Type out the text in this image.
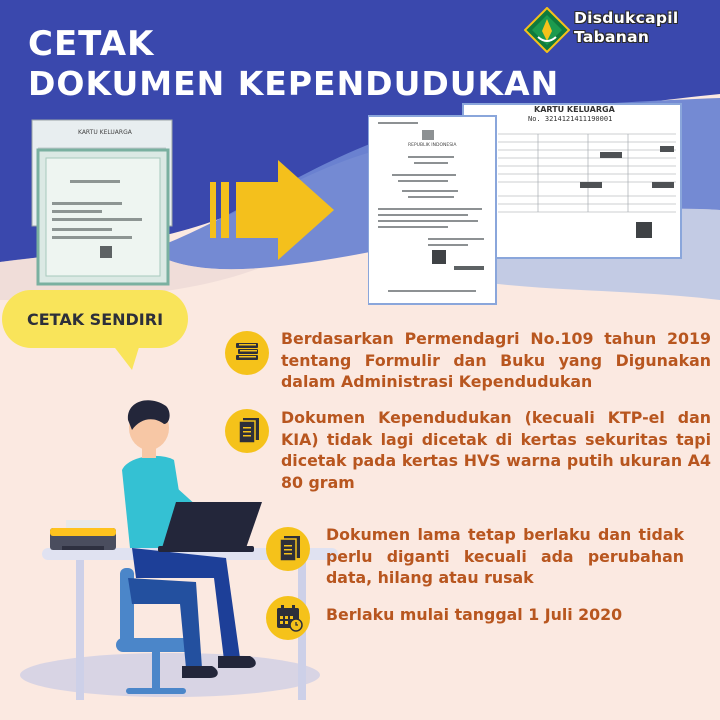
CETAK
DOKUMEN KEPENDUDUKAN
Disdukcapil
Tabanan
KARTU KELUARGA
CETAK SENDIRI
KARTU KELUARGA
No. 3214121411190001
REPUBLIK INDONESIA

Berdasarkan Permendagri No.109 tahun 2019 tentang Formulir dan Buku yang Digunakan dalam Administrasi Kependudukan

Dokumen Kependudukan (kecuali KTP-el dan KIA) tidak lagi dicetak di kertas sekuritas tapi dicetak pada kertas HVS warna putih ukuran A4 80 gram

Dokumen lama tetap berlaku dan tidak perlu diganti kecuali ada perubahan data, hilang atau rusak

Berlaku mulai tanggal 1 Juli 2020
